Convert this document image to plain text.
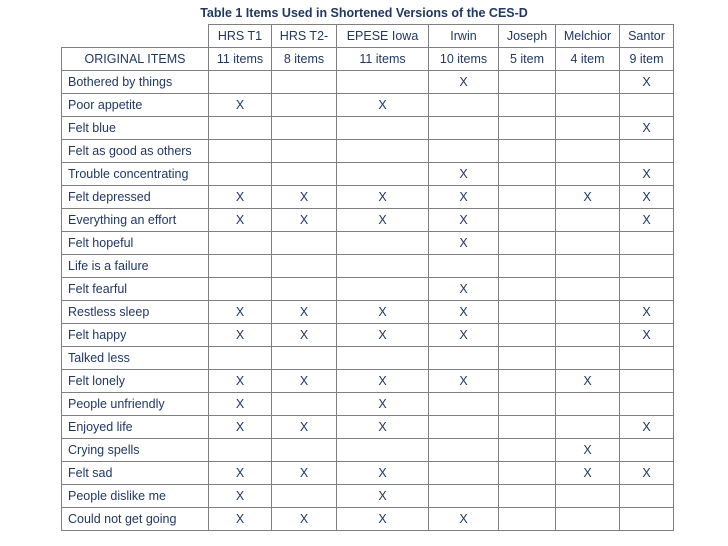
Table 1 Items Used in Shortened Versions of the CES-D
	HRS T1	HRS T2-	EPESE Iowa	Irwin	Joseph	Melchior	Santor
ORIGINAL ITEMS	11 items	8 items	11 items	10 items	5 item	4 item	9 item
Bothered by things				X			X
Poor appetite	X		X				
Felt blue							X
Felt as good as others							
Trouble concentrating				X			X
Felt depressed	X	X	X	X		X	X
Everything an effort	X	X	X	X			X
Felt hopeful				X			
Life is a failure							
Felt fearful				X			
Restless sleep	X	X	X	X			X
Felt happy	X	X	X	X			X
Talked less							
Felt lonely	X	X	X	X		X	
People unfriendly	X		X				
Enjoyed life	X	X	X				X
Crying spells						X	
Felt sad	X	X	X			X	X
People dislike me	X		X				
Could not get going	X	X	X	X			
